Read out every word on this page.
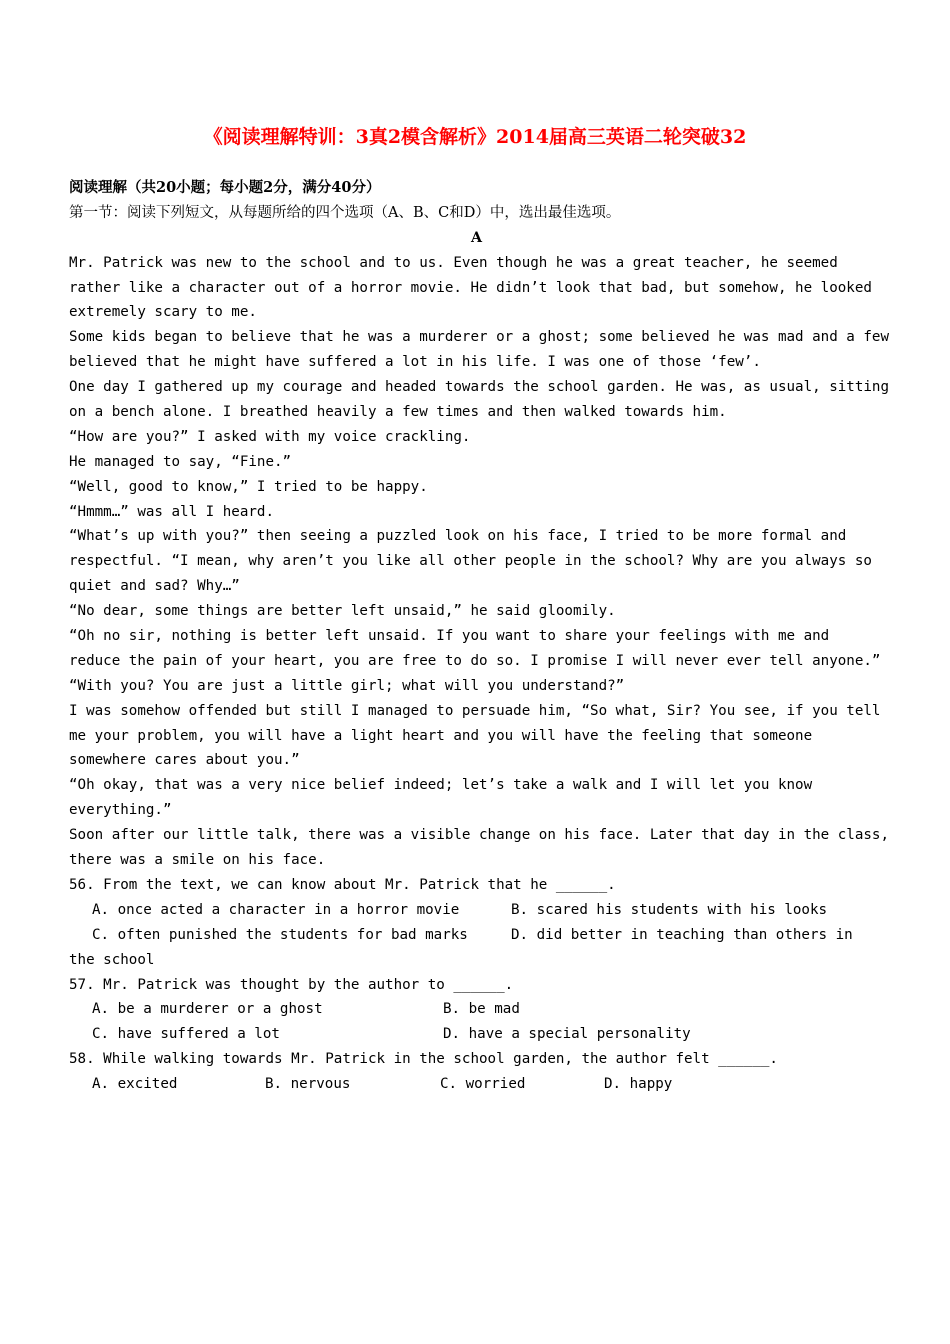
《阅读理解特训：3真2模含解析》2014届高三英语二轮突破32
阅读理解（共20小题；每小题2分，满分40分）
第一节：阅读下列短文，从每题所给的四个选项（A、B、C和D）中，选出最佳选项。
A
Mr. Patrick was new to the school and to us. Even though he was a great teacher, he seemed
rather like a character out of a horror movie. He didn’t look that bad, but somehow, he looked
extremely scary to me.
Some kids began to believe that he was a murderer or a ghost; some believed he was mad and a few
believed that he might have suffered a lot in his life. I was one of those ‘few’.
One day I gathered up my courage and headed towards the school garden. He was, as usual, sitting
on a bench alone. I breathed heavily a few times and then walked towards him.
“How are you?” I asked with my voice crackling.
He managed to say, “Fine.”
“Well, good to know,” I tried to be happy.
“Hmmm…” was all I heard.
“What’s up with you?” then seeing a puzzled look on his face, I tried to be more formal and
respectful. “I mean, why aren’t you like all other people in the school? Why are you always so
quiet and sad? Why…”
“No dear, some things are better left unsaid,” he said gloomily.
“Oh no sir, nothing is better left unsaid. If you want to share your feelings with me and
reduce the pain of your heart, you are free to do so. I promise I will never ever tell anyone.”
“With you? You are just a little girl; what will you understand?”
I was somehow offended but still I managed to persuade him, “So what, Sir? You see, if you tell
me your problem, you will have a light heart and you will have the feeling that someone
somewhere cares about you.”
“Oh okay, that was a very nice belief indeed; let’s take a walk and I will let you know
everything.”
Soon after our little talk, there was a visible change on his face. Later that day in the class,
there was a smile on his face.
56. From the text, we can know about Mr. Patrick that he ______.

A. once acted a character in a horror movie

	B. scared his students with his looks

C. often punished the students for bad marks

	D. did better in teaching than others in

the school
57. Mr. Patrick was thought by the author to ______.

A. be a murderer or a ghost

	B. be mad

C. have suffered a lot

	D. have a special personality

58. While walking towards Mr. Patrick in the school garden, the author felt ______.

A. excited

	B. nervous

	C. worried

	D. happy
